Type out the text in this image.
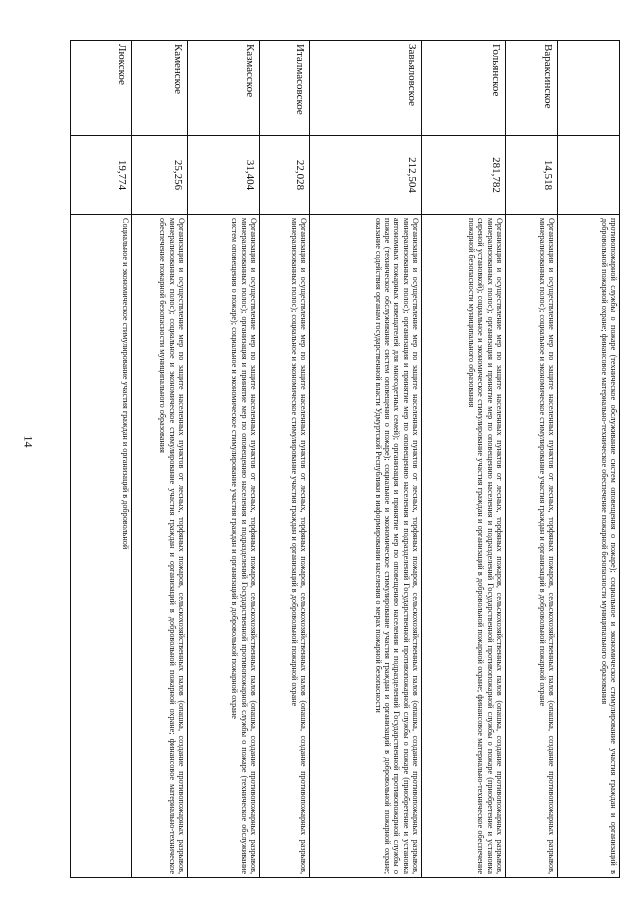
14
			противопожарной службы о пожаре (техническое обслуживание систем оповещения о пожаре); социальное и экономическое стимулирование участия граждан и организаций в добровольной пожарной охране; финансовое материально-техническое обеспечение пожарной безопасности муниципального образования
Вараксинское	14,518	Организация и осуществление мер по защите населенных пунктов от лесных, торфяных пожаров, сельскохозяйственных палов (опашка, создание противопожарных разрывов, минерализованных полос); социальное и экономическое стимулирование участия граждан и организаций в добровольной пожарной охране
Гольянское	281,782	Организация и осуществление мер по защите населенных пунктов от лесных, торфяных пожаров, сельскохозяйственных палов (опашка, создание противопожарных разрывов, минерализованных полос); организация и принятие мер по оповещению населения и подразделений Государственной противопожарной службы о пожаре (приобретение и установка сиреной установкой); социальное и экономическое стимулирование участия граждан и организаций в добровольной пожарной охране; финансовое материально-техническое обеспечение пожарной безопасности муниципального образования
Завьяловское	212,504	Организация и осуществление мер по защите населенных пунктов от лесных, торфяных пожаров, сельскохозяйственных палов (опашка, создание противопожарных разрывов, минерализованных полос); организация и принятие мер по оповещению населения и подразделений Государственной противопожарной службы о пожаре (приобретение и установка автономных пожарных извещателей для многодетных семей); организация и принятие мер по оповещению населения и подразделений Государственной противопожарной службы о пожаре (техническое обслуживание систем оповещения о пожаре); социальное и экономическое стимулирование участия граждан и организаций в добровольной пожарной охране; оказание содействия органам государственной власти Удмуртской Республики в информировании населения о мерах пожарной безопасности
Италмасовское	22,028	Организация и осуществление мер по защите населенных пунктов от лесных, торфяных пожаров, сельскохозяйственных палов (опашка, создание противопожарных разрывов, минерализованных полос); социальное и экономическое стимулирование участия граждан и организаций в добровольной пожарной охране
Казмасское	31,404	Организация и осуществление мер по защите населенных пунктов от лесных, торфяных пожаров, сельскохозяйственных палов (опашка, создание противопожарных разрывов, минерализованных полос); организация и принятие мер по оповещению населения и подразделений Государственной противопожарной службы о пожаре (техническое обслуживание систем оповещения о пожаре); социальное и экономическое стимулирование участия граждан и организаций в добровольной пожарной охране
Каменское	25,256	Организация и осуществление мер по защите населенных пунктов от лесных, торфяных пожаров, сельскохозяйственных палов (опашка, создание противопожарных разрывов, минерализованных полос); социальное и экономическое стимулирование участия граждан и организаций в добровольной пожарной охране; финансовое материально-техническое обеспечение пожарной безопасности муниципального образования
Люкское	19,774	Социальное и экономическое стимулирование участия граждан и организаций в добровольной
